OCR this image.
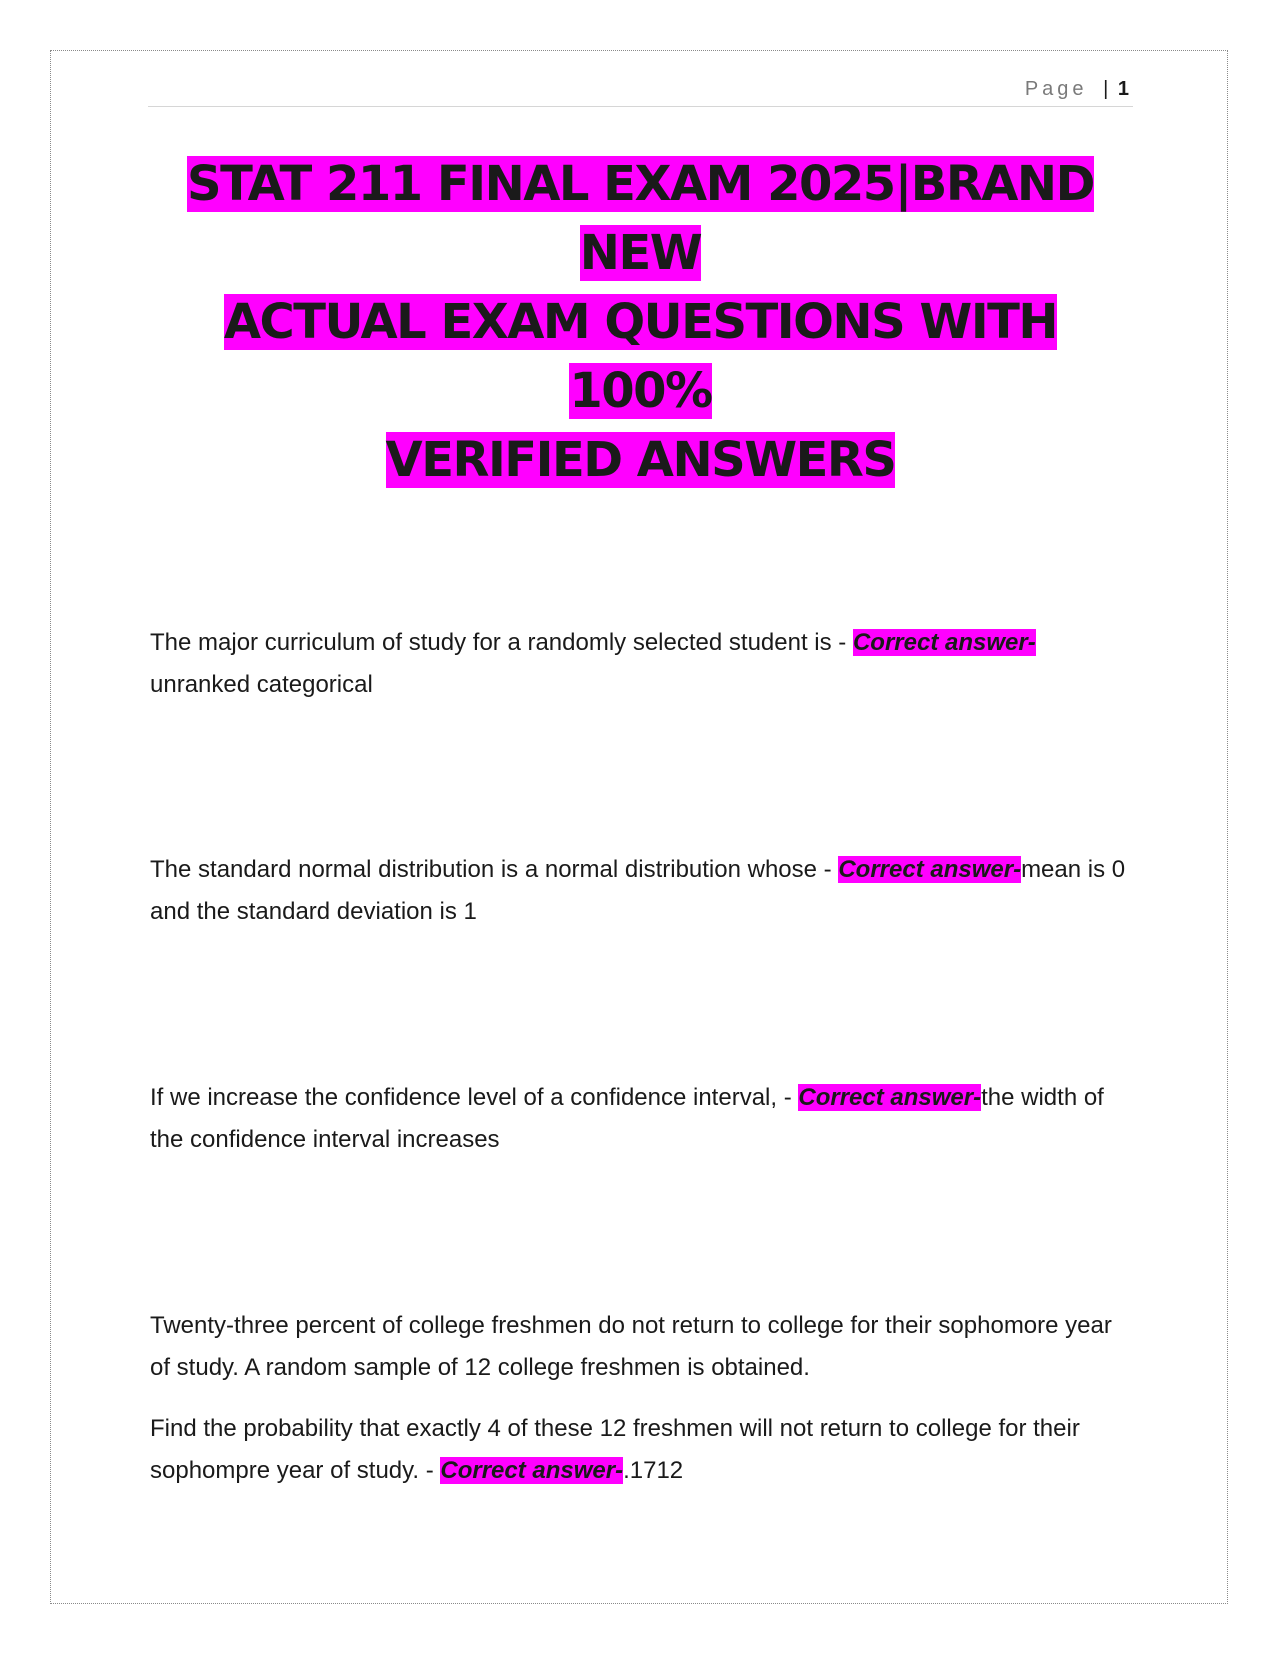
Page | 1
STAT 211 FINAL EXAM 2025|BRAND NEW
ACTUAL EXAM QUESTIONS WITH 100%
VERIFIED ANSWERS
The major curriculum of study for a randomly selected student is - Correct answer-unranked categorical
The standard normal distribution is a normal distribution whose - Correct answer-mean is 0 and the standard deviation is 1
If we increase the confidence level of a confidence interval, - Correct answer-the width of the confidence interval increases
Twenty-three percent of college freshmen do not return to college for their sophomore year of study. A random sample of 12 college freshmen is obtained.
Find the probability that exactly 4 of these 12 freshmen will not return to college for their sophompre year of study. - Correct answer-.1712
